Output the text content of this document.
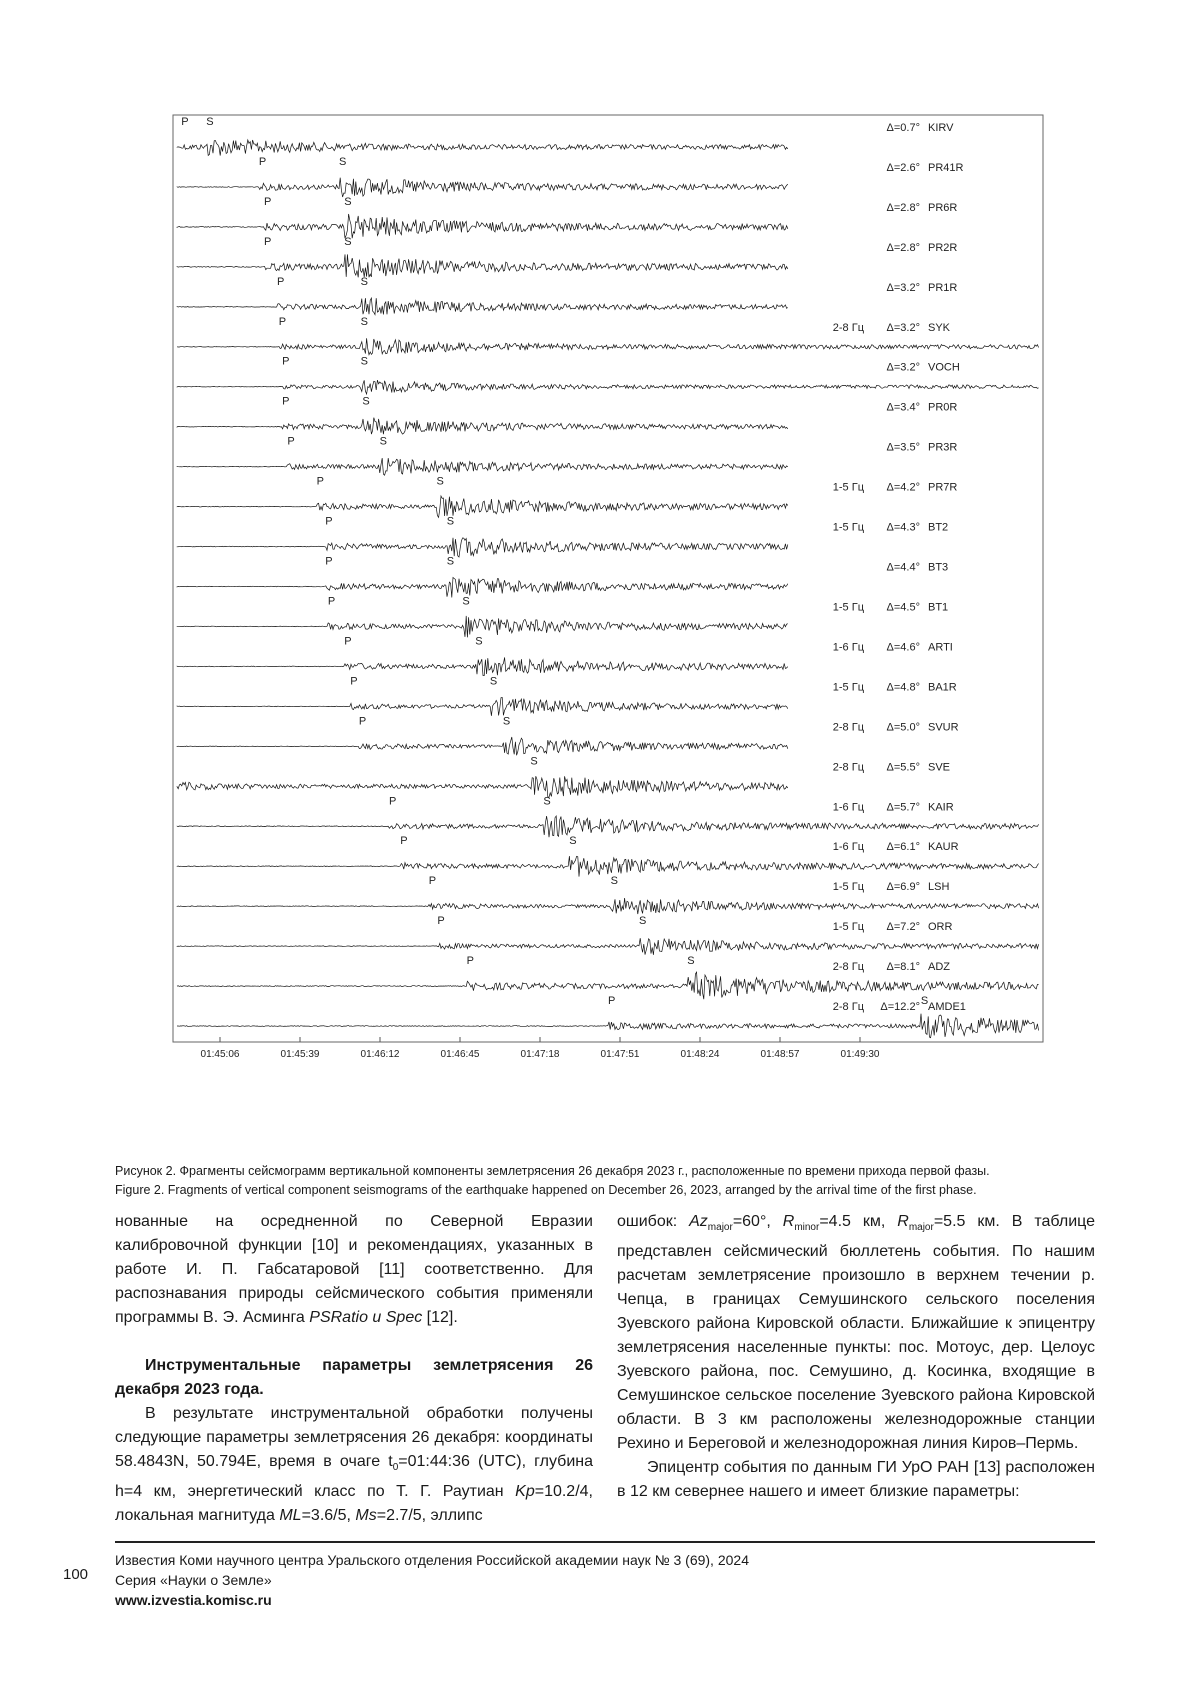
P S	Δ=0.7° KIRV
P	S	Δ=2.6° PR41R
P	S	Δ=2.8° PR6R
P	S	Δ=2.8° PR2R
P	S	Δ=3.2° PR1R
P	S	Δ=3.2° SYK
2-8 Гц
P	S	Δ=3.2° VOCH
P	S	Δ=3.4° PR0R
P	S	Δ=3.5° PR3R
P	S	Δ=4.2° PR7R
1-5 Гц
P	S	Δ=4.3° BT2
1-5 Гц
P	S	Δ=4.4° BT3
P	S	Δ=4.5° BT1
1-5 Гц
P	S	Δ=4.6° ARTI
1-6 Гц
P	S	Δ=4.8° BA1R
1-5 Гц
P	S	Δ=5.0° SVUR
2-8 Гц
S	Δ=5.5° SVE
2-8 Гц
P	S	Δ=5.7° KAIR
1-6 Гц
P	S	Δ=6.1° KAUR
1-6 Гц
P	S	Δ=6.9° LSH
1-5 Гц
P	S	Δ=7.2° ORR
1-5 Гц
P	S	Δ=8.1° ADZ
2-8 Гц
P	S
Δ=12.2° AMDE1
2-8 Гц
01:45:06	01:45:39	01:46:12	01:46:45	01:47:18	01:47:51	01:48:24	01:48:57	01:49:30
Рисунок 2. Фрагменты сейсмограмм вертикальной компоненты землетрясения 26 декабря 2023 г., расположенные по времени прихода первой фазы.
Figure 2. Fragments of vertical component seismograms of the earthquake happened on December 26, 2023, arranged by the arrival time of the first phase.

нованные на осредненной по Северной Евразии калибровочной функции [10] и рекомендациях, указанных в работе И. П. Габсатаровой [11] соответственно. Для распознавания природы сейсмического события применяли программы В. Э. Асминга PSRatio и Spec [12].

Инструментальные параметры землетрясения 26 декабря 2023 года.

В результате инструментальной обработки получены следующие параметры землетрясения 26 декабря: координаты 58.4843N, 50.794E, время в очаге $t_0=01:44:36$ (UTC), глубина h=4 км, энергетический класс по Т. Г. Раутиан Kp=10.2/4, локальная магнитуда ML=3.6/5, Ms=2.7/5, эллипс

ошибок: $Az_{major}=60^\circ$, $R_{minor}=4.5$ км, $R_{major}=5.5$ км. В таблице представлен сейсмический бюллетень события. По нашим расчетам землетрясение произошло в верхнем течении р. Чепца, в границах Семушинского сельского поселения Зуевского района Кировской области. Ближайшие к эпицентру землетрясения населенные пункты: пос. Мотоус, дер. Целоус Зуевского района, пос. Семушино, д. Косинка, входящие в Семушинское сельское поселение Зуевского района Кировской области. В 3 км расположены железнодорожные станции Рехино и Береговой и железнодорожная линия Киров–Пермь.

Эпицентр события по данным ГИ УрО РАН [13] расположен в 12 км севернее нашего и имеет близкие параметры:

100
Известия Коми научного центра Уральского отделения Российской академии наук № 3 (69), 2024
Серия «Науки о Земле»
www.izvestia.komisc.ru
